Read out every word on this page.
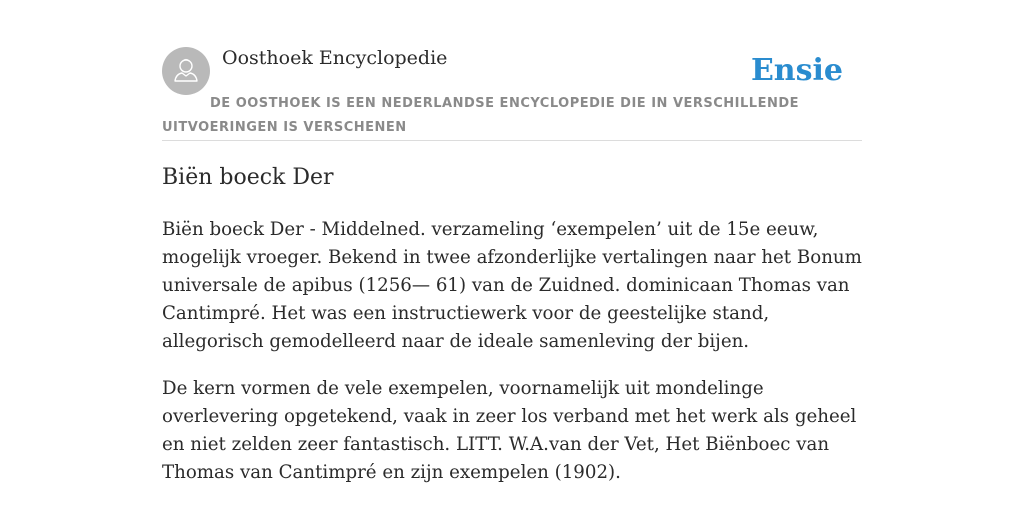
Oosthoek Encyclopedie	Ensie
DE OOSTHOEK IS EEN NEDERLANDSE ENCYCLOPEDIE DIE IN VERSCHILLENDE UITVOERINGEN IS VERSCHENEN
Biën boeck Der

Biën boeck Der - Middelned. verzameling ‘exempelen’ uit de 15e eeuw, mogelijk vroeger. Bekend in twee afzonderlijke vertalingen naar het Bonum universale de apibus (1256— 61) van de Zuidned. dominicaan Thomas van Cantimpré. Het was een instructiewerk voor de geestelijke stand, allegorisch gemodelleerd naar de ideale samenleving der bijen.

De kern vormen de vele exempelen, voornamelijk uit mondelinge overlevering opgetekend, vaak in zeer los verband met het werk als geheel en niet zelden zeer fantastisch. LITT. W.A.van der Vet, Het Biënboec van Thomas van Cantimpré en zijn exempelen (1902).
